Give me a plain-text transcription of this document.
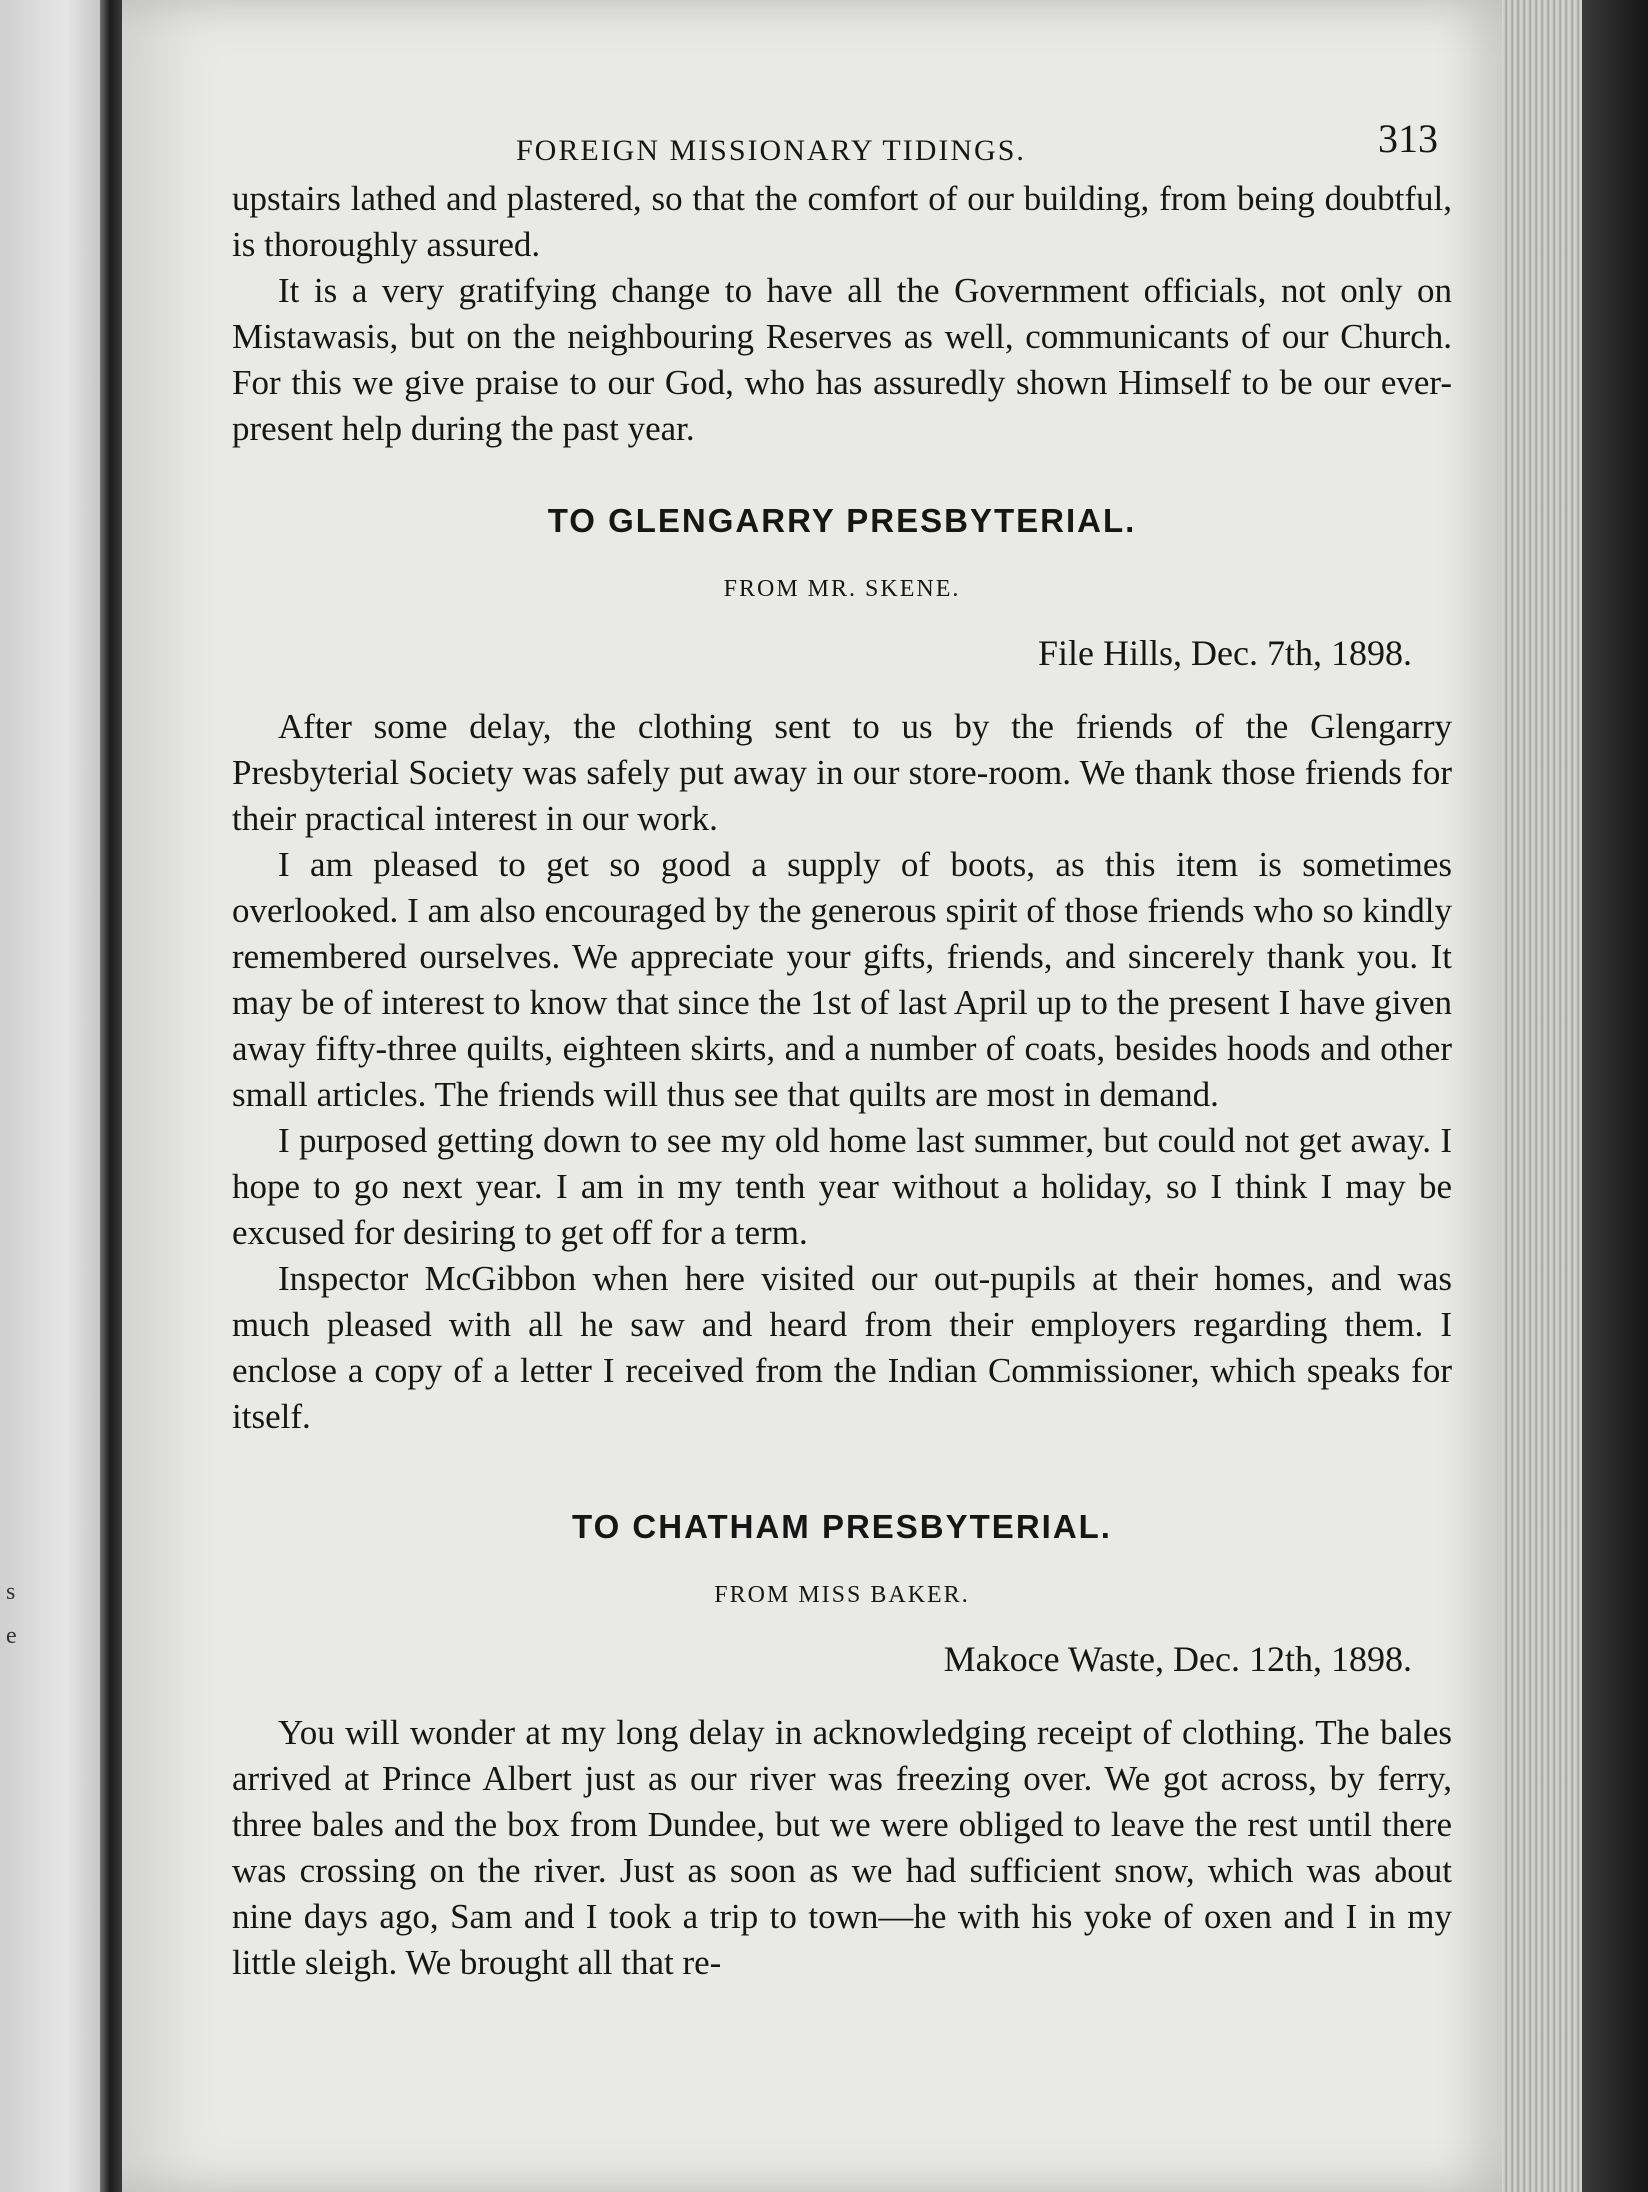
s
e
FOREIGN MISSIONARY TIDINGS.	313

upstairs lathed and plastered, so that the comfort of our building, from being doubtful, is thoroughly assured.

It is a very gratifying change to have all the Government officials, not only on Mistawasis, but on the neighbouring Reserves as well, communicants of our Church. For this we give praise to our God, who has assuredly shown Himself to be our ever-present help during the past year.

TO GLENGARRY PRESBYTERIAL.

FROM MR. SKENE.

File Hills, Dec. 7th, 1898.

After some delay, the clothing sent to us by the friends of the Glengarry Presbyterial Society was safely put away in our store-room. We thank those friends for their practical interest in our work.

I am pleased to get so good a supply of boots, as this item is sometimes overlooked. I am also encouraged by the generous spirit of those friends who so kindly remembered ourselves. We appreciate your gifts, friends, and sincerely thank you. It may be of interest to know that since the 1st of last April up to the present I have given away fifty-three quilts, eighteen skirts, and a number of coats, besides hoods and other small articles. The friends will thus see that quilts are most in demand.

I purposed getting down to see my old home last summer, but could not get away. I hope to go next year. I am in my tenth year without a holiday, so I think I may be excused for desiring to get off for a term.

Inspector McGibbon when here visited our out-pupils at their homes, and was much pleased with all he saw and heard from their employers regarding them. I enclose a copy of a letter I received from the Indian Commissioner, which speaks for itself.

TO CHATHAM PRESBYTERIAL.

FROM MISS BAKER.

Makoce Waste, Dec. 12th, 1898.

You will wonder at my long delay in acknowledging receipt of clothing. The bales arrived at Prince Albert just as our river was freezing over. We got across, by ferry, three bales and the box from Dundee, but we were obliged to leave the rest until there was crossing on the river. Just as soon as we had sufficient snow, which was about nine days ago, Sam and I took a trip to town—he with his yoke of oxen and I in my little sleigh. We brought all that re-
